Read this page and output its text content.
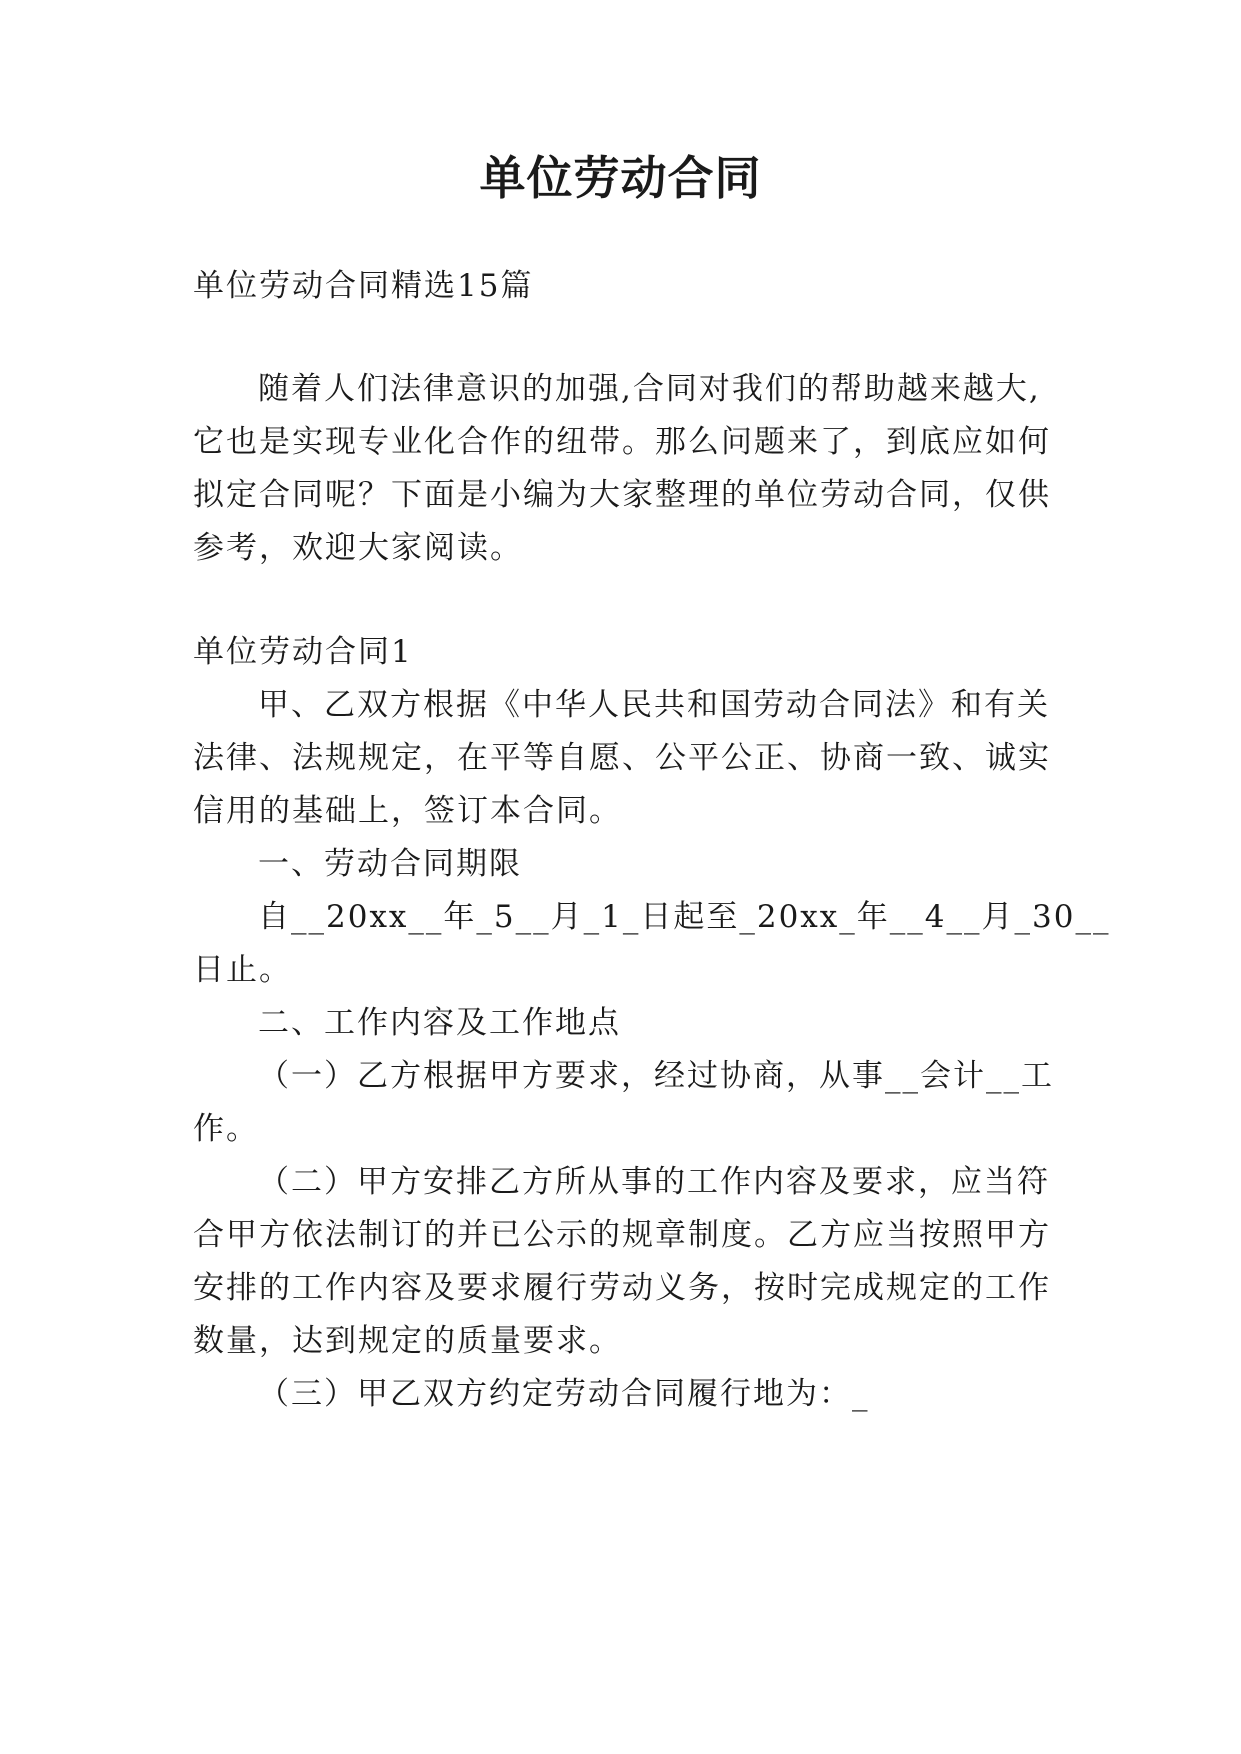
单位劳动合同
单位劳动合同精选15篇
随着人们法律意识的加强,合同对我们的帮助越来越大,
它也是实现专业化合作的纽带。那么问题来了，到底应如何
拟定合同呢？下面是小编为大家整理的单位劳动合同，仅供
参考，欢迎大家阅读。
单位劳动合同1
甲、乙双方根据《中华人民共和国劳动合同法》和有关
法律、法规规定，在平等自愿、公平公正、协商一致、诚实
信用的基础上，签订本合同。
一、劳动合同期限
自__20xx__年_5__月_1_日起至_20xx_年__4__月_30__
日止。
二、工作内容及工作地点
（一）乙方根据甲方要求，经过协商，从事__会计__工
作。
（二）甲方安排乙方所从事的工作内容及要求，应当符
合甲方依法制订的并已公示的规章制度。乙方应当按照甲方
安排的工作内容及要求履行劳动义务，按时完成规定的工作
数量，达到规定的质量要求。
（三）甲乙双方约定劳动合同履行地为：_
